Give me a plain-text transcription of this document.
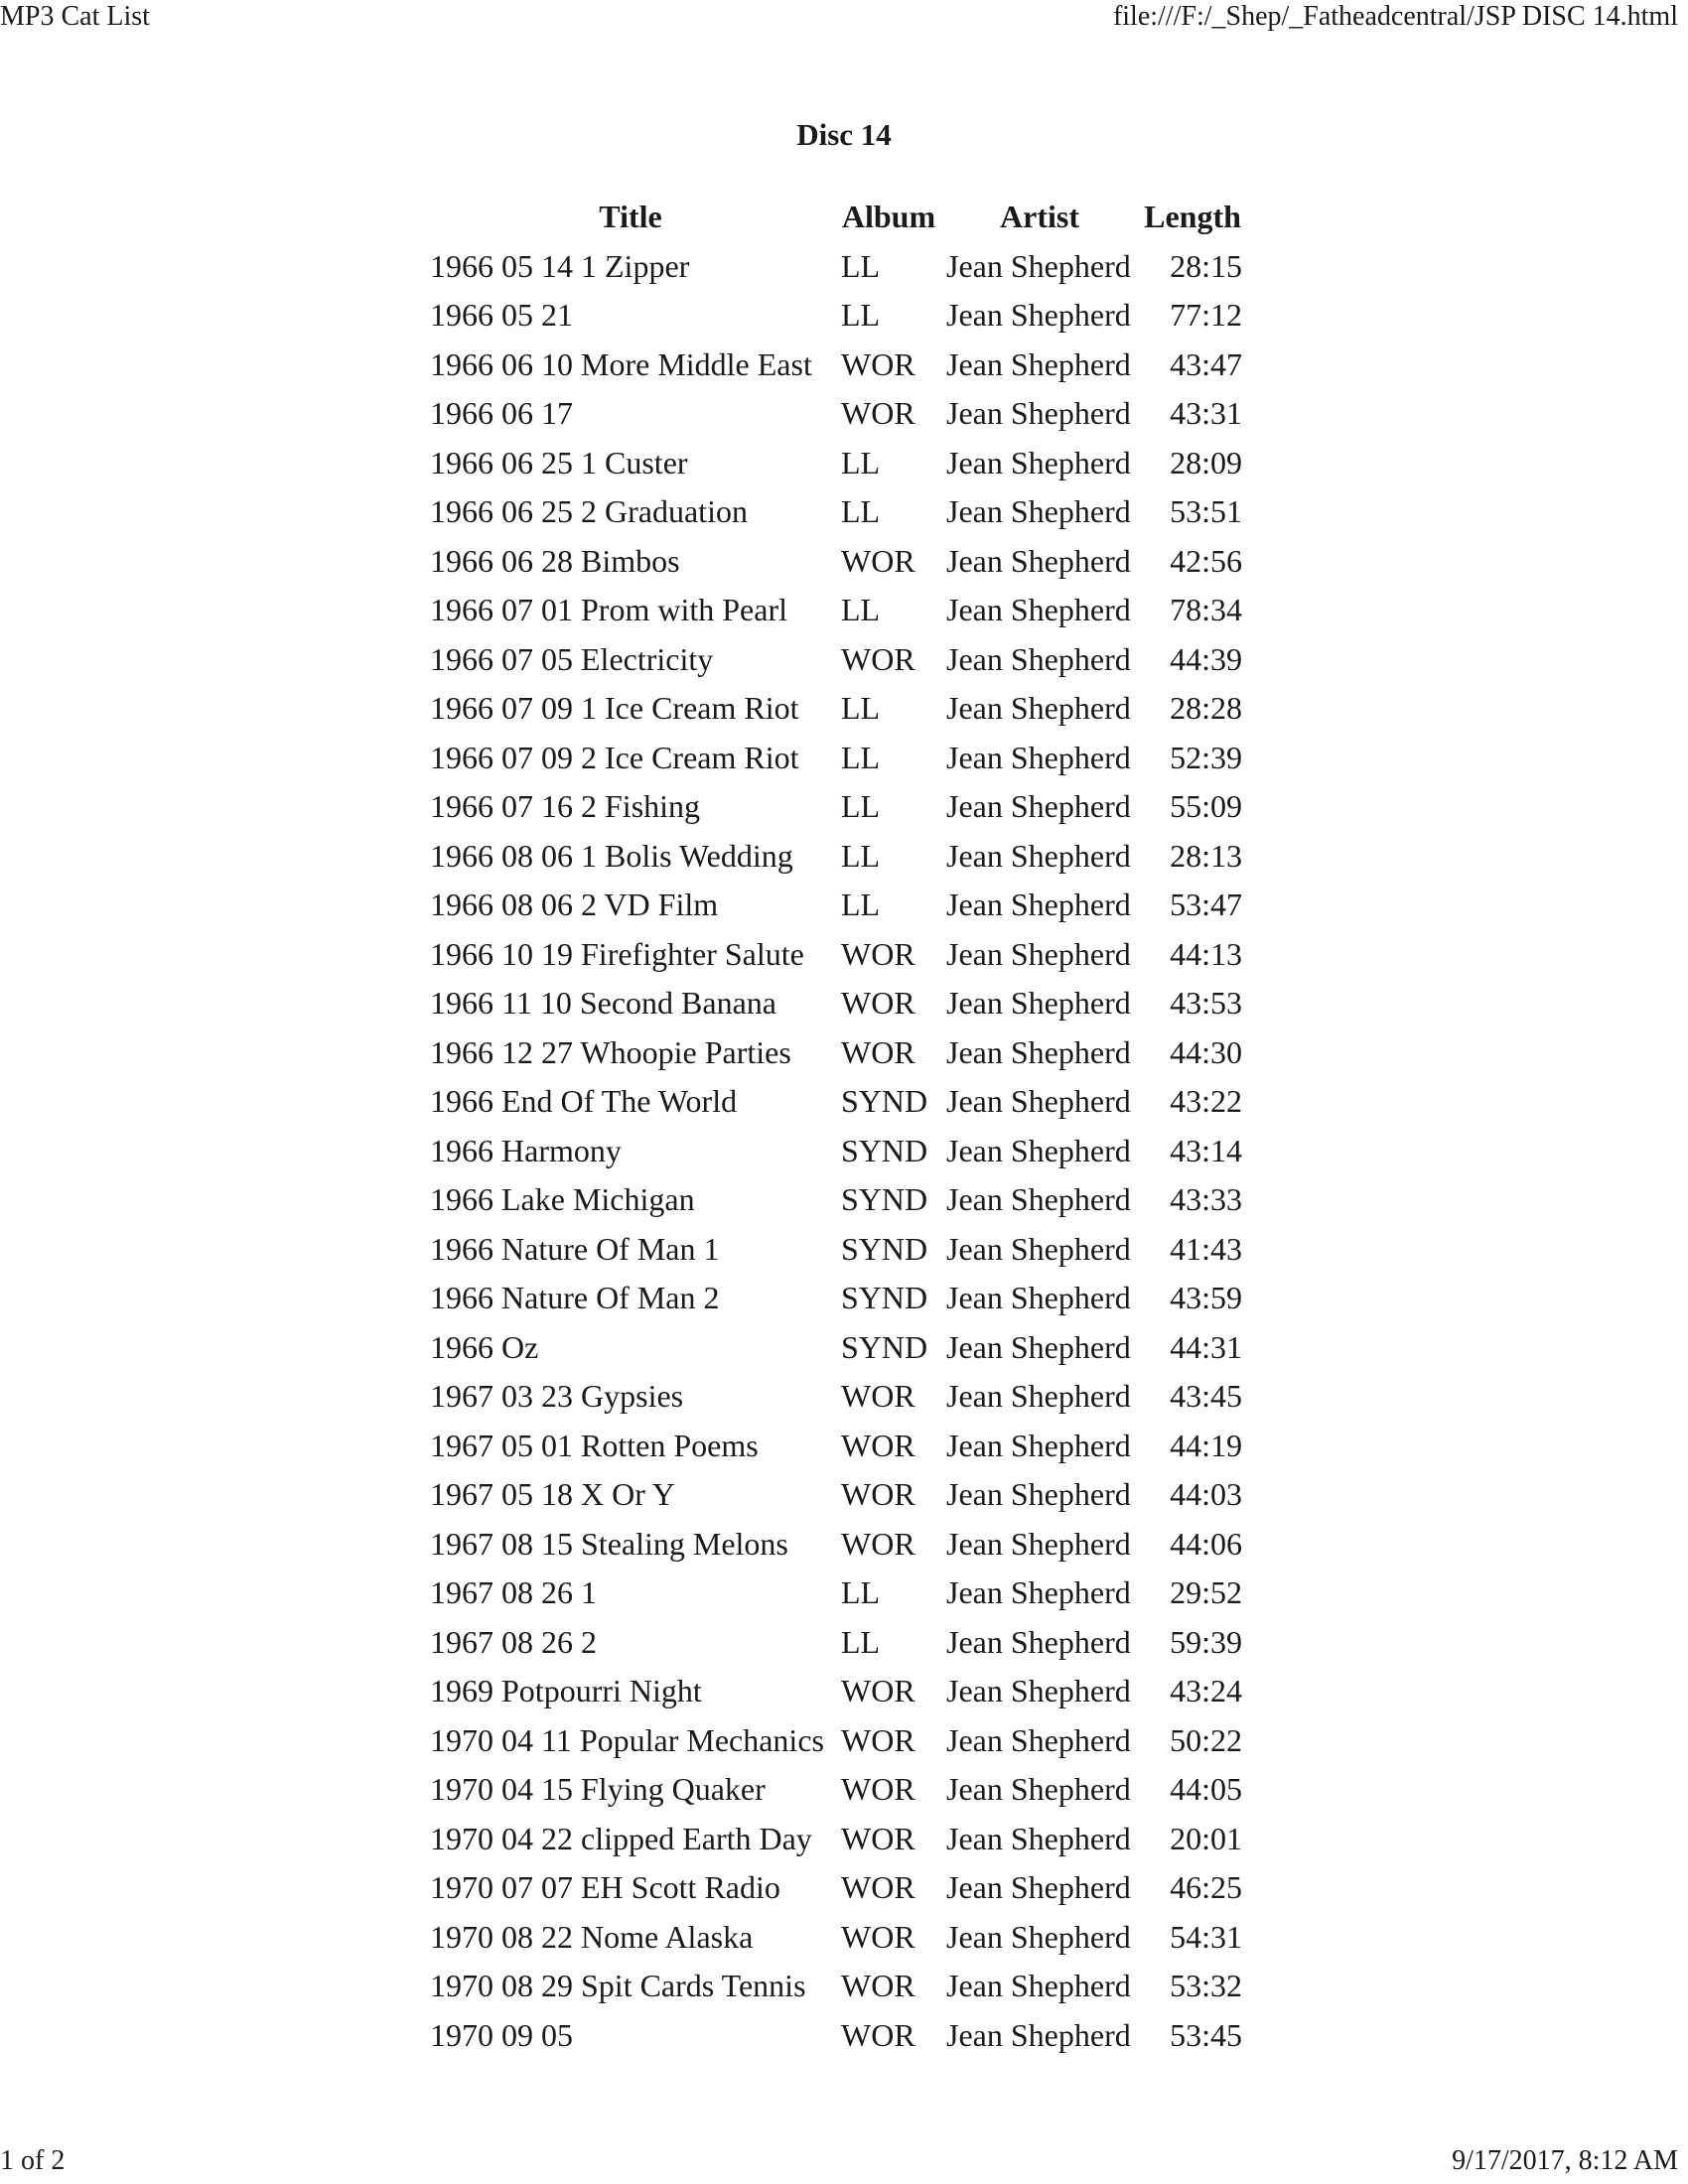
MP3 Cat List	file:///F:/_Shep/_Fatheadcentral/JSP DISC 14.html
Disc 14
Title	Album	Artist	Length
1966 05 14 1 Zipper	LL	Jean Shepherd	28:15
1966 05 21	LL	Jean Shepherd	77:12
1966 06 10 More Middle East	WOR	Jean Shepherd	43:47
1966 06 17	WOR	Jean Shepherd	43:31
1966 06 25 1 Custer	LL	Jean Shepherd	28:09
1966 06 25 2 Graduation	LL	Jean Shepherd	53:51
1966 06 28 Bimbos	WOR	Jean Shepherd	42:56
1966 07 01 Prom with Pearl	LL	Jean Shepherd	78:34
1966 07 05 Electricity	WOR	Jean Shepherd	44:39
1966 07 09 1 Ice Cream Riot	LL	Jean Shepherd	28:28
1966 07 09 2 Ice Cream Riot	LL	Jean Shepherd	52:39
1966 07 16 2 Fishing	LL	Jean Shepherd	55:09
1966 08 06 1 Bolis Wedding	LL	Jean Shepherd	28:13
1966 08 06 2 VD Film	LL	Jean Shepherd	53:47
1966 10 19 Firefighter Salute	WOR	Jean Shepherd	44:13
1966 11 10 Second Banana	WOR	Jean Shepherd	43:53
1966 12 27 Whoopie Parties	WOR	Jean Shepherd	44:30
1966 End Of The World	SYND	Jean Shepherd	43:22
1966 Harmony	SYND	Jean Shepherd	43:14
1966 Lake Michigan	SYND	Jean Shepherd	43:33
1966 Nature Of Man 1	SYND	Jean Shepherd	41:43
1966 Nature Of Man 2	SYND	Jean Shepherd	43:59
1966 Oz	SYND	Jean Shepherd	44:31
1967 03 23 Gypsies	WOR	Jean Shepherd	43:45
1967 05 01 Rotten Poems	WOR	Jean Shepherd	44:19
1967 05 18 X Or Y	WOR	Jean Shepherd	44:03
1967 08 15 Stealing Melons	WOR	Jean Shepherd	44:06
1967 08 26 1	LL	Jean Shepherd	29:52
1967 08 26 2	LL	Jean Shepherd	59:39
1969 Potpourri Night	WOR	Jean Shepherd	43:24
1970 04 11 Popular Mechanics	WOR	Jean Shepherd	50:22
1970 04 15 Flying Quaker	WOR	Jean Shepherd	44:05
1970 04 22 clipped Earth Day	WOR	Jean Shepherd	20:01
1970 07 07 EH Scott Radio	WOR	Jean Shepherd	46:25
1970 08 22 Nome Alaska	WOR	Jean Shepherd	54:31
1970 08 29 Spit Cards Tennis	WOR	Jean Shepherd	53:32
1970 09 05	WOR	Jean Shepherd	53:45
1 of 2	9/17/2017, 8:12 AM
